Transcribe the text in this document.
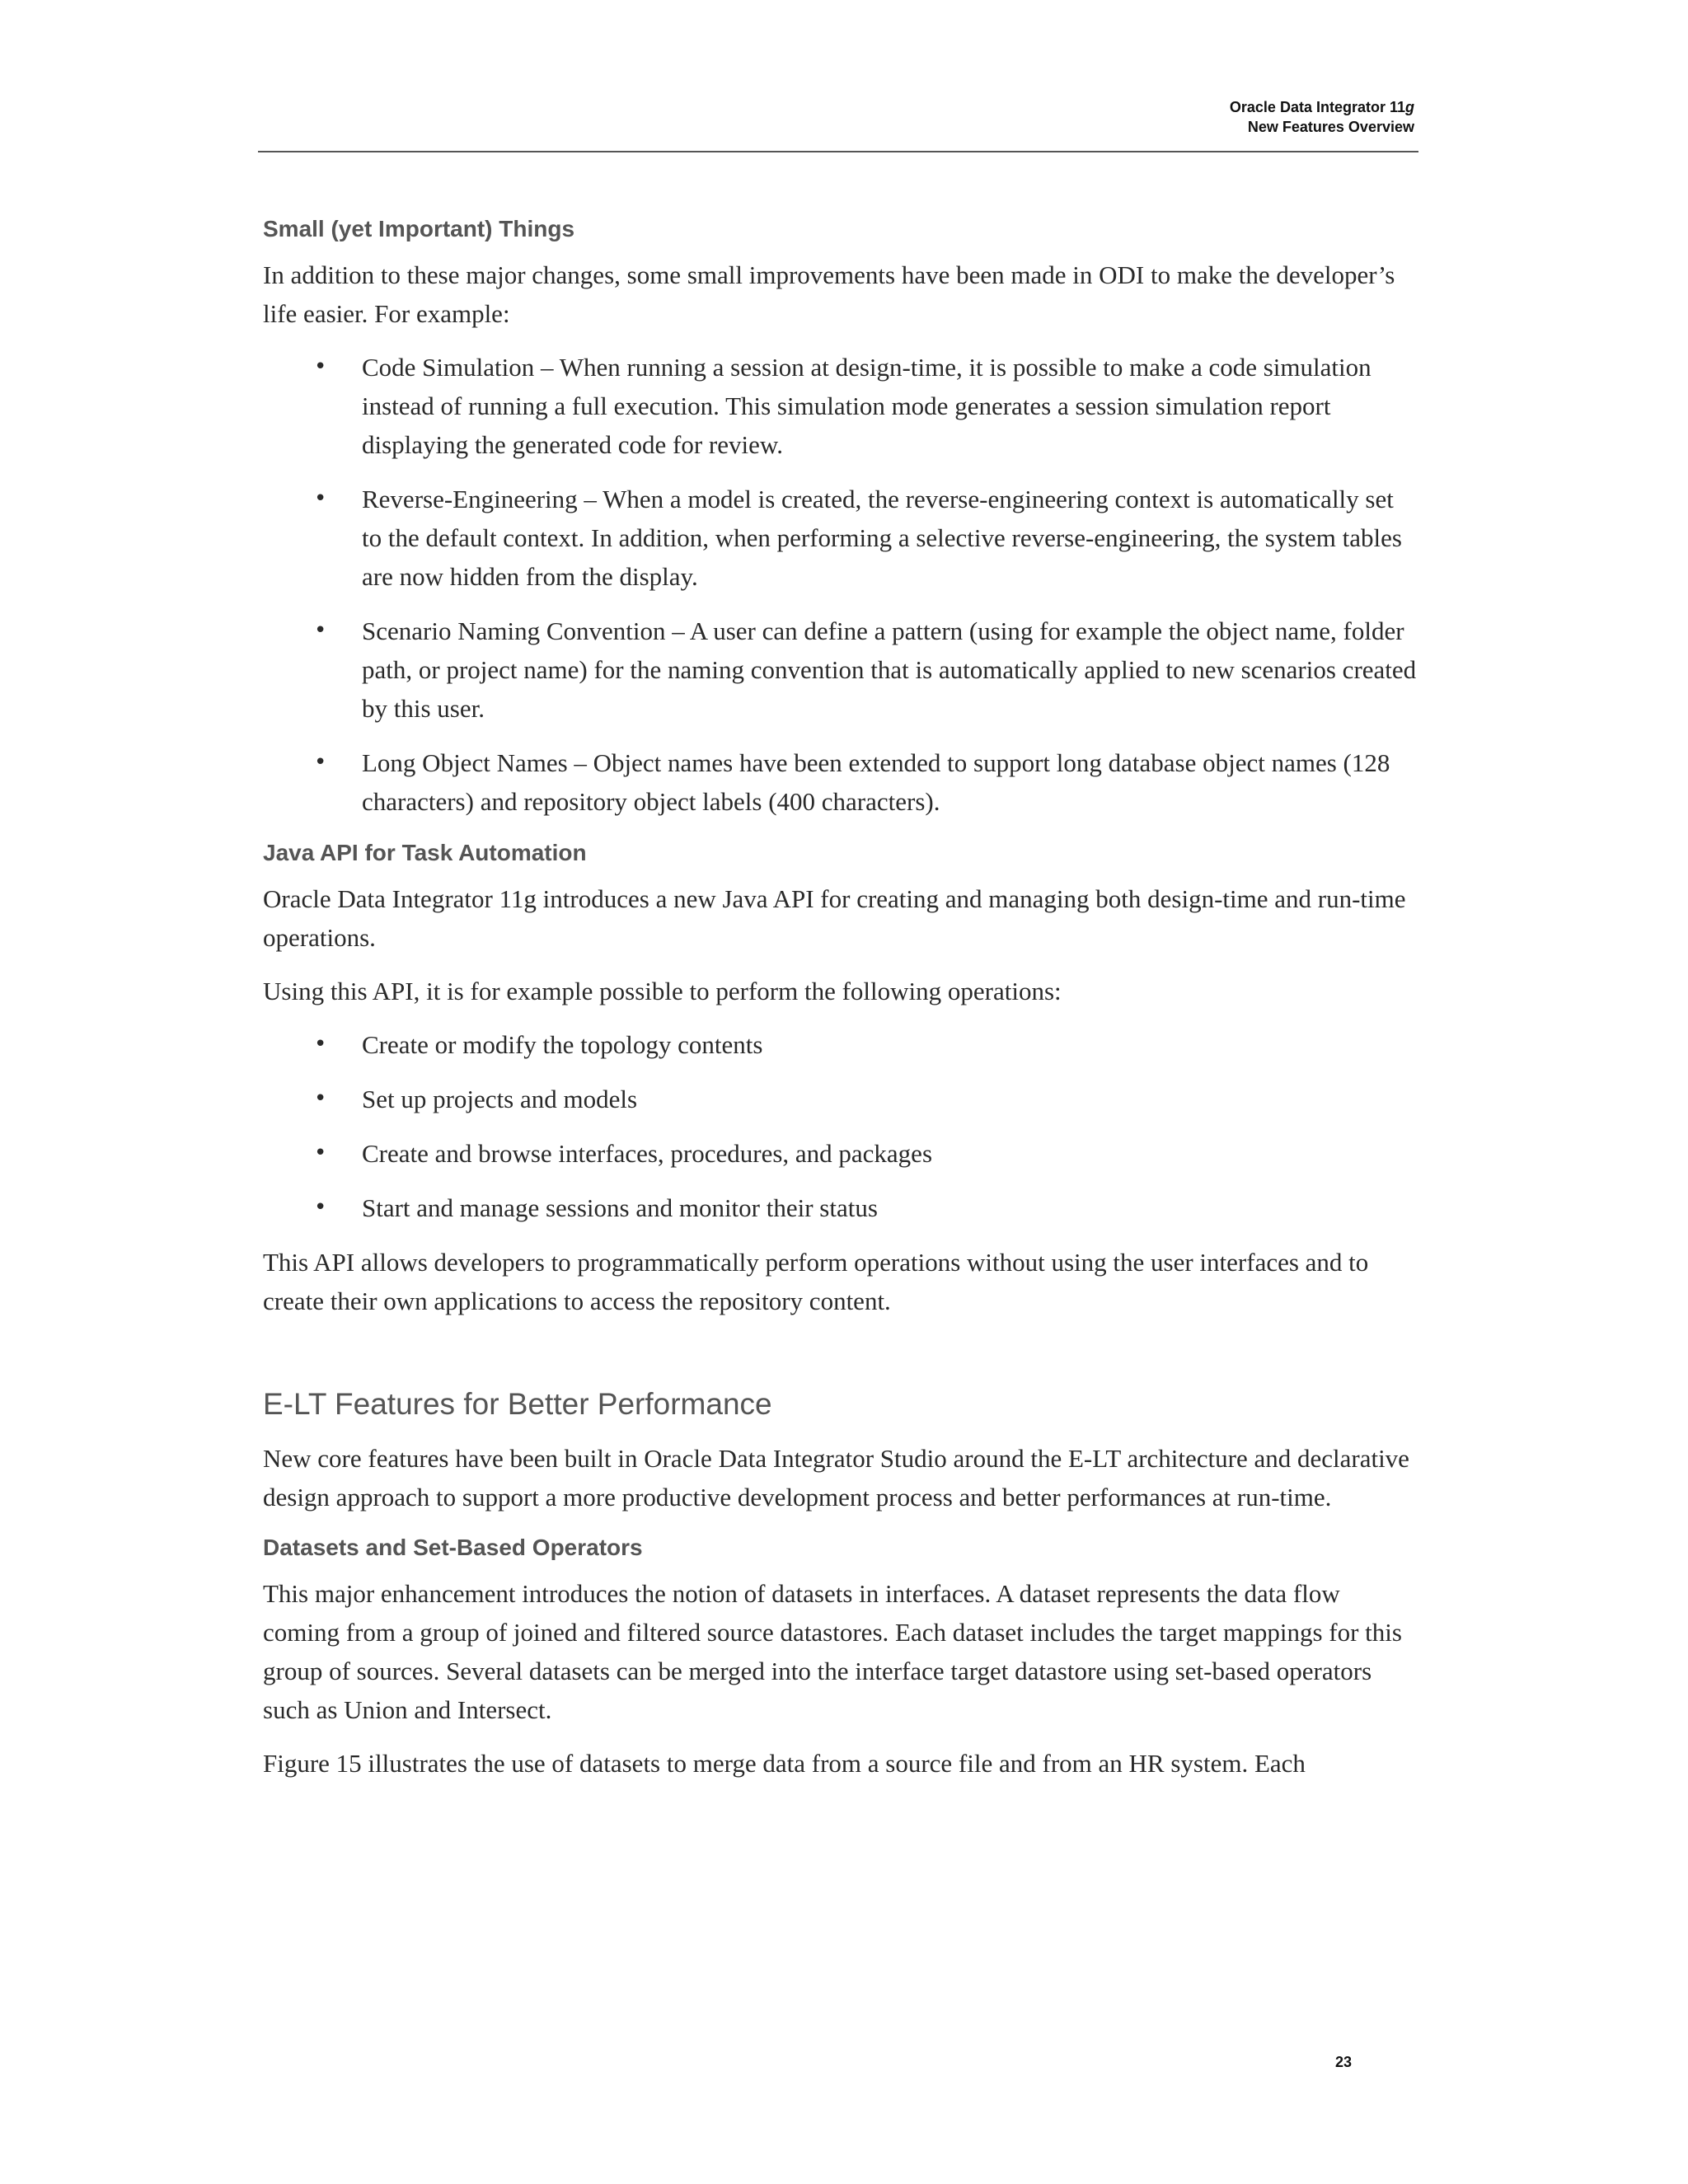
Oracle Data Integrator 11g
New Features Overview
Small (yet Important) Things

In addition to these major changes, some small improvements have been made in ODI to make the developer’s life easier. For example:

• Code Simulation – When running a session at design-time, it is possible to make a code simulation instead of running a full execution. This simulation mode generates a session simulation report displaying the generated code for review.
• Reverse-Engineering – When a model is created, the reverse-engineering context is automatically set to the default context. In addition, when performing a selective reverse-engineering, the system tables are now hidden from the display.
• Scenario Naming Convention – A user can define a pattern (using for example the object name, folder path, or project name) for the naming convention that is automatically applied to new scenarios created by this user.
• Long Object Names – Object names have been extended to support long database object names (128 characters) and repository object labels (400 characters).
Java API for Task Automation

Oracle Data Integrator 11g introduces a new Java API for creating and managing both design-time and run-time operations.

Using this API, it is for example possible to perform the following operations:

• Create or modify the topology contents
• Set up projects and models
• Create and browse interfaces, procedures, and packages
• Start and manage sessions and monitor their status

This API allows developers to programmatically perform operations without using the user interfaces and to create their own applications to access the repository content.

E-LT Features for Better Performance

New core features have been built in Oracle Data Integrator Studio around the E-LT architecture and declarative design approach to support a more productive development process and better performances at run-time.

Datasets and Set-Based Operators

This major enhancement introduces the notion of datasets in interfaces. A dataset represents the data flow coming from a group of joined and filtered source datastores. Each dataset includes the target mappings for this group of sources. Several datasets can be merged into the interface target datastore using set-based operators such as Union and Intersect.

Figure 15 illustrates the use of datasets to merge data from a source file and from an HR system. Each

23
